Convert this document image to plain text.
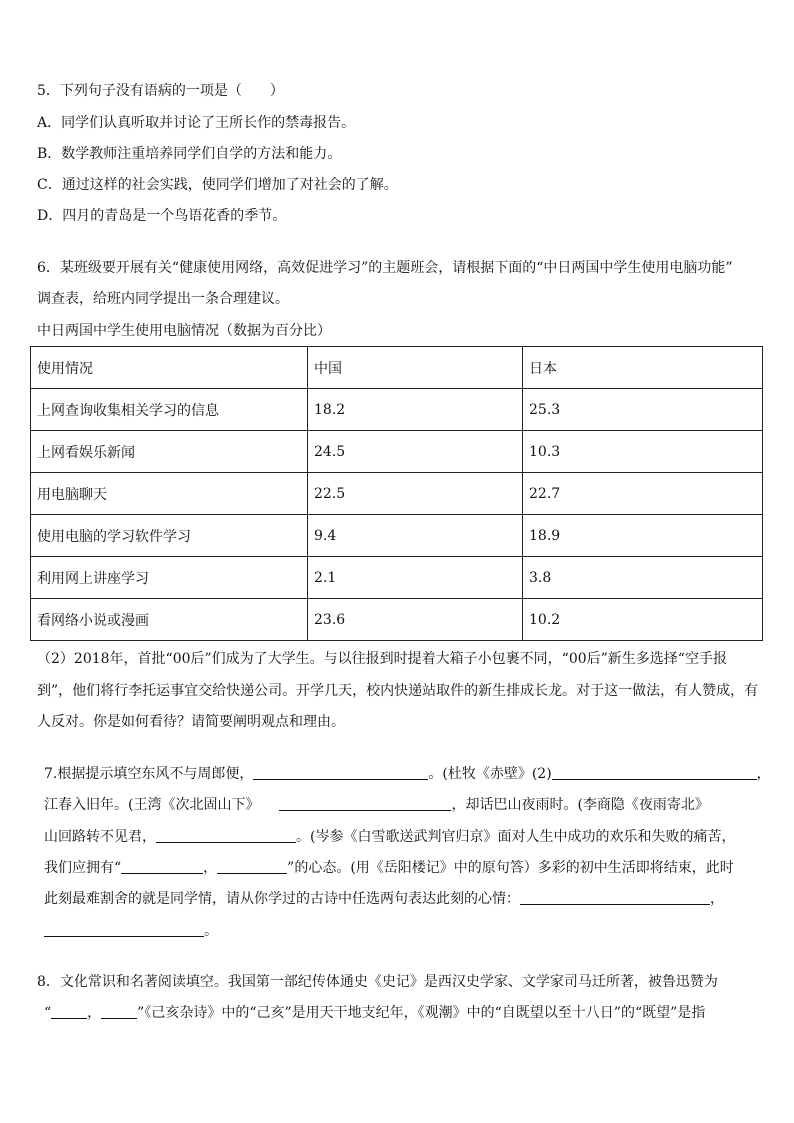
5．下列句子没有语病的一项是（　　）
A．同学们认真听取并讨论了王所长作的禁毒报告。
B．数学教师注重培养同学们自学的方法和能力。
C．通过这样的社会实践，使同学们增加了对社会的了解。
D．四月的青岛是一个鸟语花香的季节。
6．某班级要开展有关“健康使用网络，高效促进学习”的主题班会，请根据下面的“中日两国中学生使用电脑功能”
调查表，给班内同学提出一条合理建议。
中日两国中学生使用电脑情况（数据为百分比）
使用情况	中国	日本
上网查询收集相关学习的信息	18.2	25.3
上网看娱乐新闻	24.5	10.3
用电脑聊天	22.5	22.7
使用电脑的学习软件学习	9.4	18.9
利用网上讲座学习	2.1	3.8
看网络小说或漫画	23.6	10.2
（2）2018年，首批“00后”们成为了大学生。与以往报到时提着大箱子小包裹不同，“00后”新生多选择“空手报
到”，他们将行李托运事宜交给快递公司。开学几天，校内快递站取件的新生排成长龙。对于这一做法，有人赞成，有
人反对。你是如何看待？请简要阐明观点和理由。
7.根据提示填空东风不与周郎便，	。(杜牧《赤壁》(2)	，
江春入旧年。(王湾《次北固山下》	，却话巴山夜雨时。(李商隐《夜雨寄北》
山回路转不见君，	。(岑参《白雪歌送武判官归京》面对人生中成功的欢乐和失败的痛苦，
我们应拥有“	，	”的心态。(用《岳阳楼记》中的原句答）多彩的初中生活即将结束，此时
此刻最难割舍的就是同学情，请从你学过的古诗中任选两句表达此刻的心情：	，
。
8．文化常识和名著阅读填空。我国第一部纪传体通史《史记》是西汉史学家、文学家司马迁所著，被鲁迅赞为
“	，	”《己亥杂诗》中的“己亥”是用天干地支纪年，《观潮》中的“自既望以至十八日”的“既望”是指
